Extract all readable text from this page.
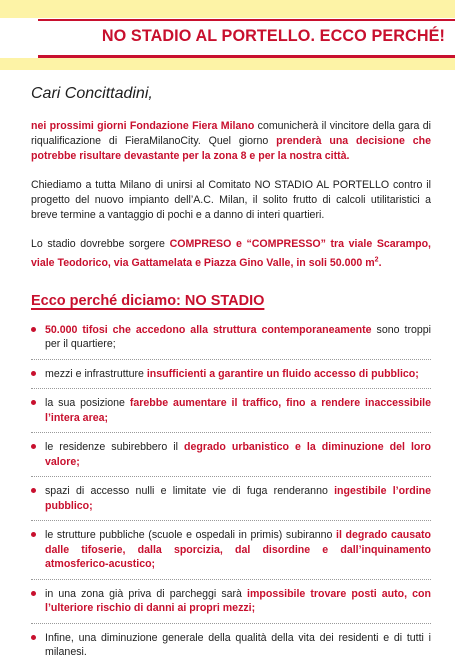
NO STADIO AL PORTELLO. ECCO PERCHÉ!
Cari Concittadini,

nei prossimi giorni Fondazione Fiera Milano comunicherà il vincitore della gara di riqualificazione di FieraMilanoCity. Quel giorno prenderà una decisione che potrebbe risultare devastante per la zona 8 e per la nostra città.

Chiediamo a tutta Milano di unirsi al Comitato NO STADIO AL PORTELLO contro il progetto del nuovo impianto dell’A.C. Milan, il solito frutto di calcoli utilitaristici a breve termine a vantaggio di pochi e a danno di interi quartieri.

Lo stadio dovrebbe sorgere COMPRESO e “COMPRESSO” tra viale Scarampo, viale Teodorico, via Gattamelata e Piazza Gino Valle, in soli 50.000 $m^2$.

Ecco perché diciamo: NO STADIO
50.000 tifosi che accedono alla struttura contemporaneamente sono troppi per il quartiere;
mezzi e infrastrutture insufficienti a garantire un fluido accesso di pubblico;
la sua posizione farebbe aumentare il traffico, fino a rendere inaccessibile l’intera area;
le residenze subirebbero il degrado urbanistico e la diminuzione del loro valore;
spazi di accesso nulli e limitate vie di fuga renderanno ingestibile l’ordine pubblico;
le strutture pubbliche (scuole e ospedali in primis) subiranno il degrado causato dalle tifoserie, dalla sporcizia, dal disordine e dall’inquinamento atmosferico-acustico;
in una zona già priva di parcheggi sarà impossibile trovare posti auto, con l’ulteriore rischio di danni ai propri mezzi;
Infine, una diminuzione generale della qualità della vita dei residenti e di tutti i milanesi.
